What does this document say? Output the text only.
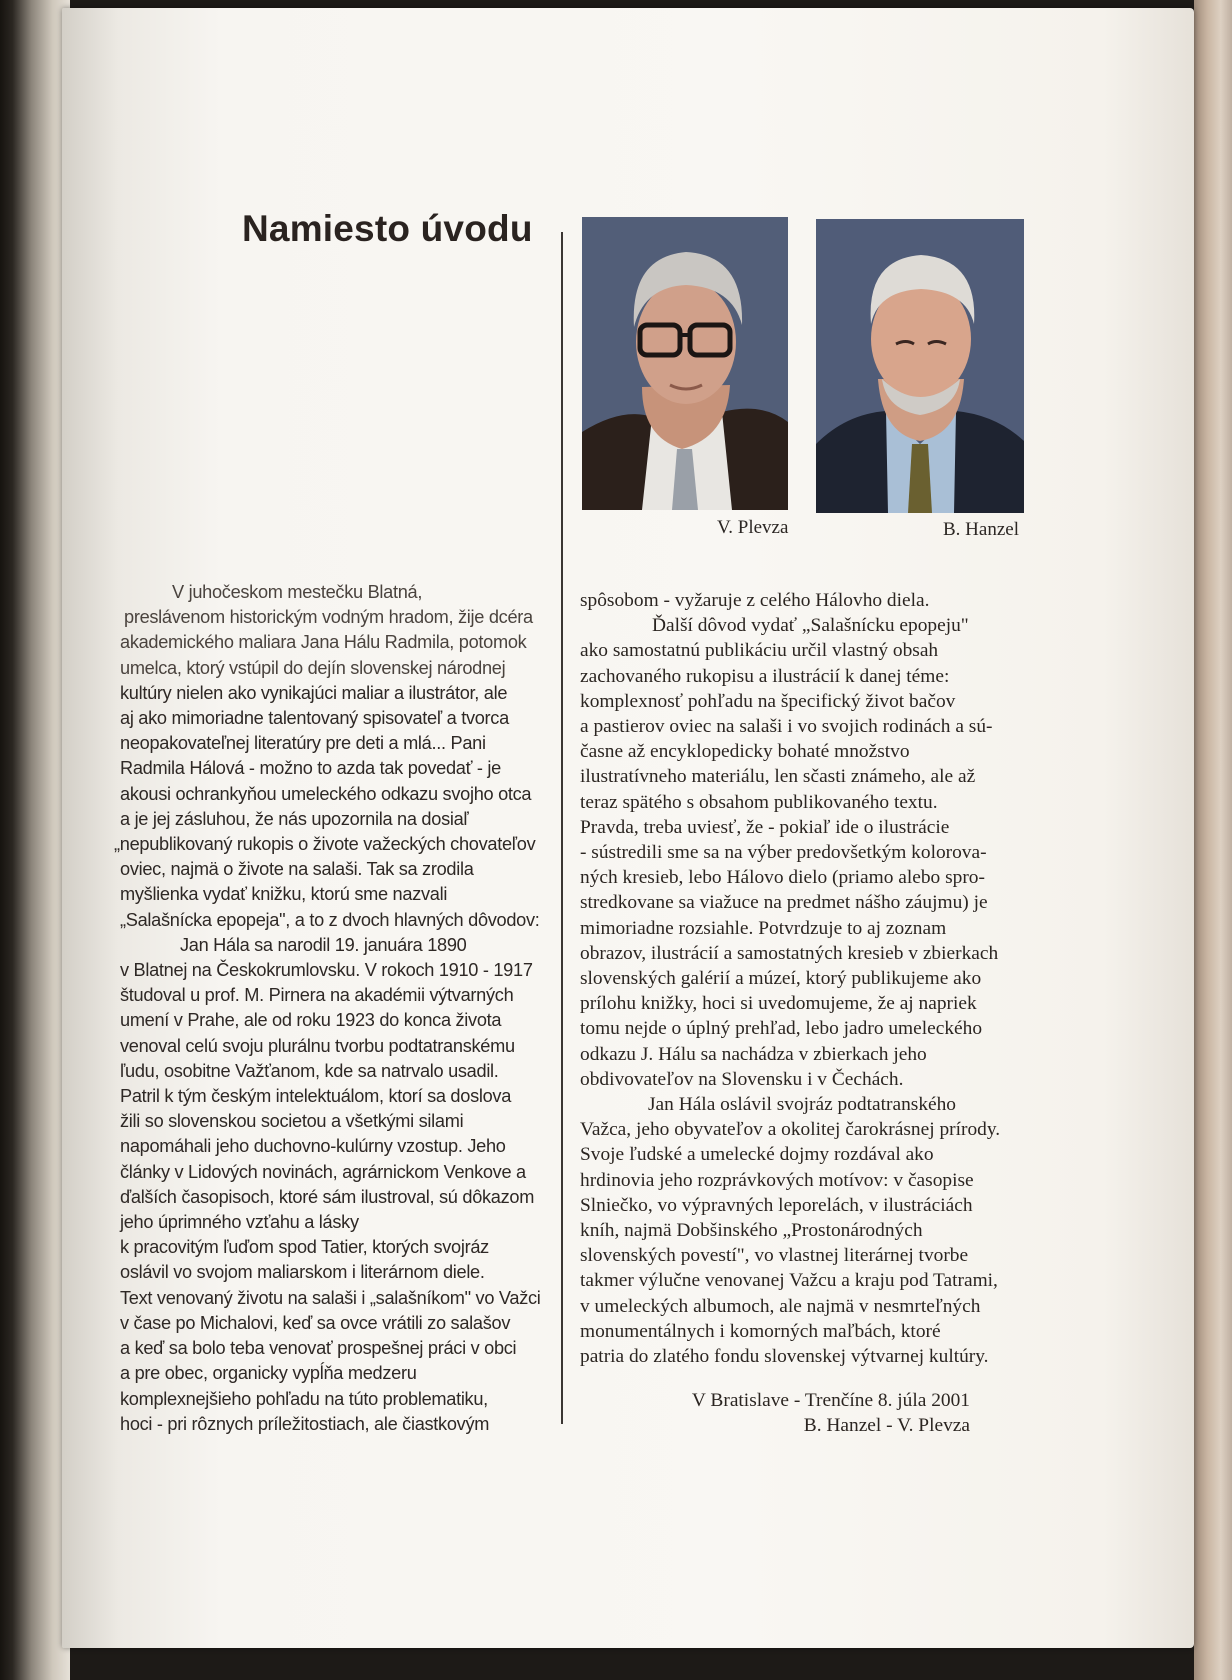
Namiesto úvodu
V. Plevza	B. Hanzel
V juhočeskom mestečku Blatná,
preslávenom historickým vodným hradom, žije dcéra
akademického maliara Jana Hálu Radmila, potomok
umelca, ktorý vstúpil do dejín slovenskej národnej
kultúry nielen ako vynikajúci maliar a ilustrátor, ale
aj ako mimoriadne talentovaný spisovateľ a tvorca
neopakovateľnej literatúry pre deti a mlá... Pani
Radmila Hálová - možno to azda tak povedať - je
akousi ochrankyňou umeleckého odkazu svojho otca
a je jej zásluhou, že nás upozornila na dosiaľ
„nepublikovaný rukopis o živote važeckých chovateľov
oviec, najmä o živote na salaši. Tak sa zrodila
myšlienka vydať knižku, ktorú sme nazvali
„Salašnícka epopeja", a to z dvoch hlavných dôvodov:
Jan Hála sa narodil 19. januára 1890
v Blatnej na Českokrumlovsku. V rokoch 1910 - 1917
študoval u prof. M. Pirnera na akadémii výtvarných
umení v Prahe, ale od roku 1923 do konca života
venoval celú svoju plurálnu tvorbu podtatranskému
ľudu, osobitne Važťanom, kde sa natrvalo usadil.
Patril k tým českým intelektuálom, ktorí sa doslova
žili so slovenskou societou a všetkými silami
napomáhali jeho duchovno-kulúrny vzostup. Jeho
články v Lidových novinách, agrárnickom Venkove a
ďalších časopisoch, ktoré sám ilustroval, sú dôkazom
jeho úprimného vzťahu a lásky
k pracovitým ľuďom spod Tatier, ktorých svojráz
oslávil vo svojom maliarskom i literárnom diele.
Text venovaný životu na salaši i „salašníkom" vo Važci
v čase po Michalovi, keď sa ovce vrátili zo salašov
a keď sa bolo teba venovať prospešnej práci v obci
a pre obec, organicky vypĺňa medzeru
komplexnejšieho pohľadu na túto problematiku,
hoci - pri rôznych príležitostiach, ale čiastkovým
spôsobom - vyžaruje z celého Hálovho diela.
Ďalší dôvod vydať „Salašnícku epopeju"
ako samostatnú publikáciu určil vlastný obsah
zachovaného rukopisu a ilustrácií k danej téme:
komplexnosť pohľadu na špecifický život bačov
a pastierov oviec na salaši i vo svojich rodinách a sú-
časne až encyklopedicky bohaté množstvo
ilustratívneho materiálu, len sčasti známeho, ale až
teraz spätého s obsahom publikovaného textu.
Pravda, treba uviesť, že - pokiaľ ide o ilustrácie
- sústredili sme sa na výber predovšetkým kolorova-
ných kresieb, lebo Hálovo dielo (priamo alebo spro-
stredkovane sa viažuce na predmet nášho záujmu) je
mimoriadne rozsiahle. Potvrdzuje to aj zoznam
obrazov, ilustrácií a samostatných kresieb v zbierkach
slovenských galérií a múzeí, ktorý publikujeme ako
prílohu knižky, hoci si uvedomujeme, že aj napriek
tomu nejde o úplný prehľad, lebo jadro umeleckého
odkazu J. Hálu sa nachádza v zbierkach jeho
obdivovateľov na Slovensku i v Čechách.
Jan Hála oslávil svojráz podtatranského
Važca, jeho obyvateľov a okolitej čarokrásnej prírody.
Svoje ľudské a umelecké dojmy rozdával ako
hrdinovia jeho rozprávkových motívov: v časopise
Slniečko, vo výpravných leporelách, v ilustráciách
kníh, najmä Dobšinského „Prostonárodných
slovenských povestí", vo vlastnej literárnej tvorbe
takmer výlučne venovanej Važcu a kraju pod Tatrami,
v umeleckých albumoch, ale najmä v nesmrteľných
monumentálnych i komorných maľbách, ktoré
patria do zlatého fondu slovenskej výtvarnej kultúry.
V Bratislave - Trenčíne 8. júla 2001
B. Hanzel - V. Plevza
